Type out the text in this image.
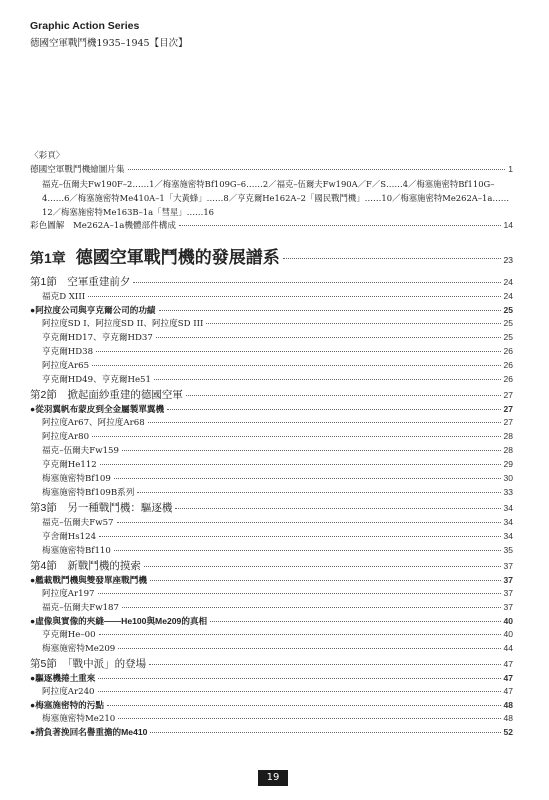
Graphic Action Series
德國空軍戰鬥機1935–1945【目次】
〈彩頁〉
德國空軍戰鬥機繪圖片集	1
福克–伍爾夫Fw190F–2……1／梅塞施密特Bf109G–6……2／福克–伍爾夫Fw190A／F／S……4／梅塞施密特Bf110G–4……6／梅塞施密特Me410A–1「大黃蜂」……8／亨克爾He162A–2「國民戰鬥機」……10／梅塞施密特Me262A–1a……12／梅塞施密特Me163B–1a「彗星」……16
彩色圖解　Me262A–1a機體部件構成	14
第1章 德國空軍戰鬥機的發展譜系	23
第1節　空軍重建前夕	24
福克D XIII	24
●阿拉度公司與亨克爾公司的功績	25
阿拉度SD I、阿拉度SD II、阿拉度SD III	25
亨克爾HD17、亨克爾HD37	25
亨克爾HD38	26
阿拉度Ar65	26
亨克爾HD49、亨克爾He51	26
第2節　掀起面紗重建的德國空軍	27
●從羽翼帆布蒙皮到全金屬製單翼機	27
阿拉度Ar67、阿拉度Ar68	27
阿拉度Ar80	28
福克–伍爾夫Fw159	28
亨克爾He112	29
梅塞施密特Bf109	30
梅塞施密特Bf109B系列	33
第3節　另一種戰鬥機：驅逐機	34
福克–伍爾夫Fw57	34
亨舍爾Hs124	34
梅塞施密特Bf110	35
第4節　新戰鬥機的摸索	37
●艦載戰鬥機與雙發單座戰鬥機	37
阿拉度Ar197	37
福克–伍爾夫Fw187	37
●虛像與實像的夾縫——He100與Me209的真相	40
亨克爾He–00	40
梅塞施密特Me209	44
第5節　「戰中派」的登場	47
●驅逐機捲土重來	47
阿拉度Ar240	47
●梅塞施密特的污點	48
梅塞施密特Me210	48
●揹負著挽回名譽重擔的Me410	52
19
